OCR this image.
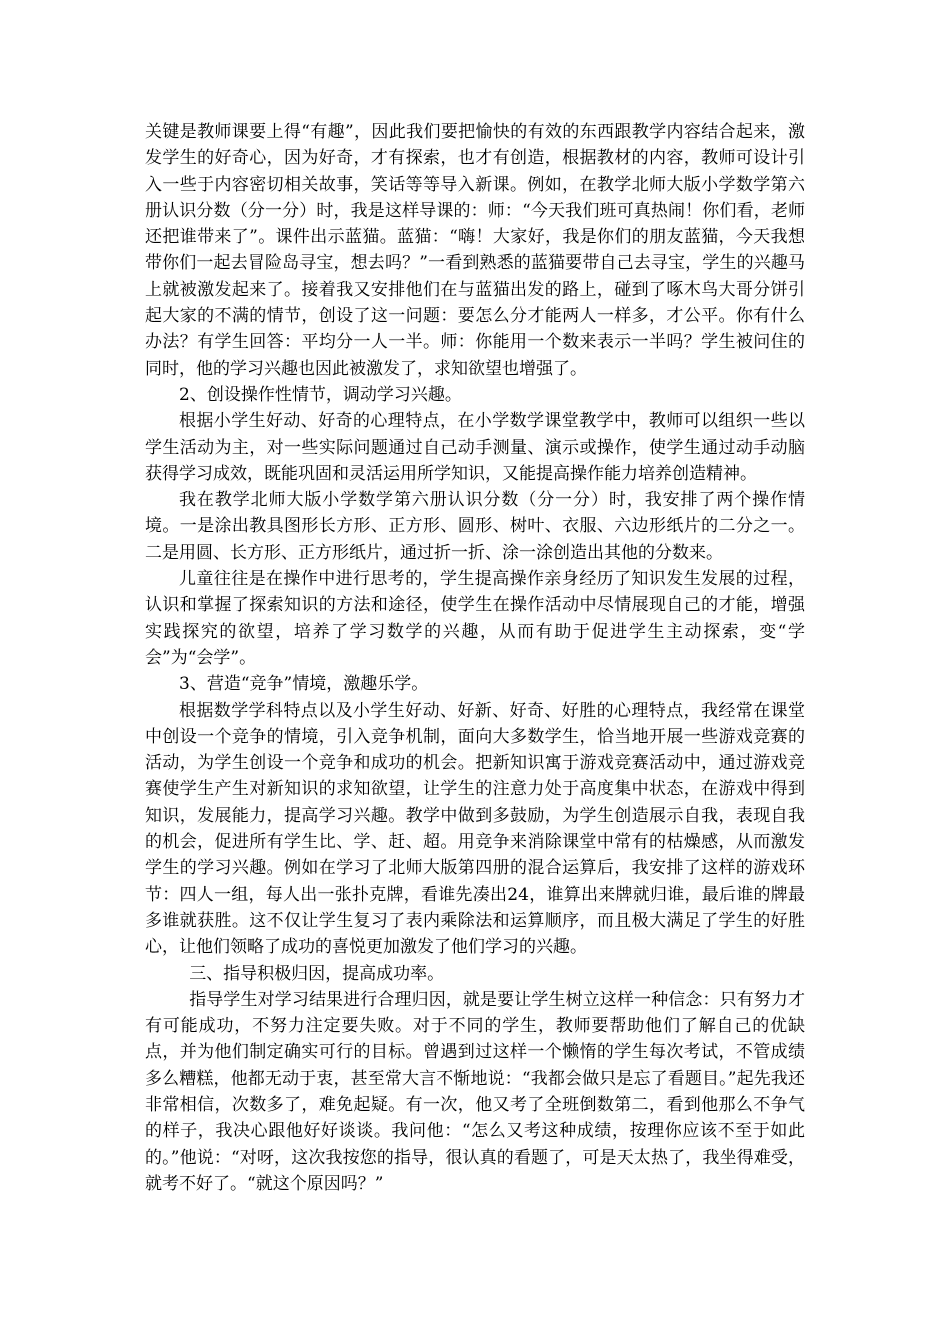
关键是教师课要上得“有趣”，因此我们要把愉快的有效的东西跟教学内容结合起来，激发学生的好奇心，因为好奇，才有探索，也才有创造，根据教材的内容，教师可设计引入一些于内容密切相关故事，笑话等等导入新课。例如，在教学北师大版小学数学第六册认识分数（分一分）时，我是这样导课的：师：“今天我们班可真热闹！你们看，老师还把谁带来了”。课件出示蓝猫。蓝猫：“嗨！大家好，我是你们的朋友蓝猫，今天我想带你们一起去冒险岛寻宝，想去吗？”一看到熟悉的蓝猫要带自己去寻宝，学生的兴趣马上就被激发起来了。接着我又安排他们在与蓝猫出发的路上，碰到了啄木鸟大哥分饼引起大家的不满的情节，创设了这一问题：要怎么分才能两人一样多，才公平。你有什么办法？有学生回答：平均分一人一半。师：你能用一个数来表示一半吗？学生被问住的同时，他的学习兴趣也因此被激发了，求知欲望也增强了。

2、创设操作性情节，调动学习兴趣。

根据小学生好动、好奇的心理特点，在小学数学课堂教学中，教师可以组织一些以学生活动为主，对一些实际问题通过自己动手测量、演示或操作，使学生通过动手动脑获得学习成效，既能巩固和灵活运用所学知识，又能提高操作能力培养创造精神。

我在教学北师大版小学数学第六册认识分数（分一分）时，我安排了两个操作情境。一是涂出教具图形长方形、正方形、圆形、树叶、衣服、六边形纸片的二分之一。二是用圆、长方形、正方形纸片，通过折一折、涂一涂创造出其他的分数来。

儿童往往是在操作中进行思考的，学生提高操作亲身经历了知识发生发展的过程，认识和掌握了探索知识的方法和途径，使学生在操作活动中尽情展现自己的才能，增强实践探究的欲望，培养了学习数学的兴趣，从而有助于促进学生主动探索，变“学会”为“会学”。

3、营造“竞争”情境，激趣乐学。

根据数学学科特点以及小学生好动、好新、好奇、好胜的心理特点，我经常在课堂中创设一个竞争的情境，引入竞争机制，面向大多数学生，恰当地开展一些游戏竞赛的活动，为学生创设一个竞争和成功的机会。把新知识寓于游戏竞赛活动中，通过游戏竞赛使学生产生对新知识的求知欲望，让学生的注意力处于高度集中状态，在游戏中得到知识，发展能力，提高学习兴趣。教学中做到多鼓励，为学生创造展示自我，表现自我的机会，促进所有学生比、学、赶、超。用竞争来消除课堂中常有的枯燥感，从而激发学生的学习兴趣。例如在学习了北师大版第四册的混合运算后，我安排了这样的游戏环节：四人一组，每人出一张扑克牌，看谁先凑出24，谁算出来牌就归谁，最后谁的牌最多谁就获胜。这不仅让学生复习了表内乘除法和运算顺序，而且极大满足了学生的好胜心，让他们领略了成功的喜悦更加激发了他们学习的兴趣。

三、指导积极归因，提高成功率。

指导学生对学习结果进行合理归因，就是要让学生树立这样一种信念：只有努力才有可能成功，不努力注定要失败。对于不同的学生，教师要帮助他们了解自己的优缺点，并为他们制定确实可行的目标。曾遇到过这样一个懒惰的学生每次考试，不管成绩多么糟糕，他都无动于衷，甚至常大言不惭地说：“我都会做只是忘了看题目。”起先我还非常相信，次数多了，难免起疑。有一次，他又考了全班倒数第二，看到他那么不争气的样子，我决心跟他好好谈谈。我问他：“怎么又考这种成绩，按理你应该不至于如此的。”他说：“对呀，这次我按您的指导，很认真的看题了，可是天太热了，我坐得难受，就考不好了。“就这个原因吗？”
